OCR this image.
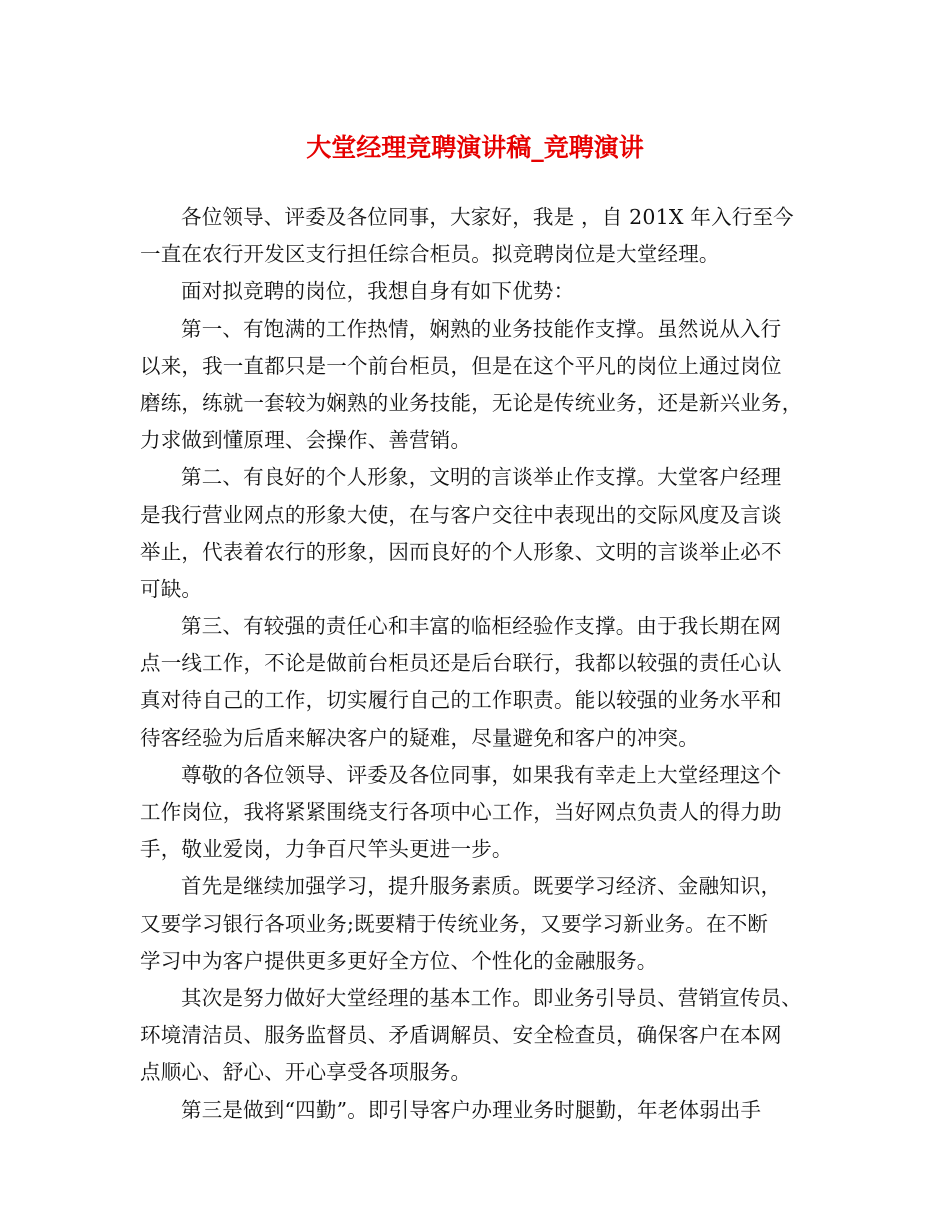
大堂经理竞聘演讲稿_竞聘演讲
各位领导、评委及各位同事，大家好，我是 ，自 201X 年入行至今
一直在农行开发区支行担任综合柜员。拟竞聘岗位是大堂经理。
面对拟竞聘的岗位，我想自身有如下优势：
第一、有饱满的工作热情，娴熟的业务技能作支撑。虽然说从入行
以来，我一直都只是一个前台柜员，但是在这个平凡的岗位上通过岗位
磨练，练就一套较为娴熟的业务技能，无论是传统业务，还是新兴业务，
力求做到懂原理、会操作、善营销。
第二、有良好的个人形象，文明的言谈举止作支撑。大堂客户经理
是我行营业网点的形象大使，在与客户交往中表现出的交际风度及言谈
举止，代表着农行的形象，因而良好的个人形象、文明的言谈举止必不
可缺。
第三、有较强的责任心和丰富的临柜经验作支撑。由于我长期在网
点一线工作，不论是做前台柜员还是后台联行，我都以较强的责任心认
真对待自己的工作，切实履行自己的工作职责。能以较强的业务水平和
待客经验为后盾来解决客户的疑难，尽量避免和客户的冲突。
尊敬的各位领导、评委及各位同事，如果我有幸走上大堂经理这个
工作岗位，我将紧紧围绕支行各项中心工作，当好网点负责人的得力助
手，敬业爱岗，力争百尺竿头更进一步。
首先是继续加强学习，提升服务素质。既要学习经济、金融知识，
又要学习银行各项业务;既要精于传统业务，又要学习新业务。在不断
学习中为客户提供更多更好全方位、个性化的金融服务。
其次是努力做好大堂经理的基本工作。即业务引导员、营销宣传员、
环境清洁员、服务监督员、矛盾调解员、安全检查员，确保客户在本网
点顺心、舒心、开心享受各项服务。
第三是做到“四勤”。即引导客户办理业务时腿勤，年老体弱出手
